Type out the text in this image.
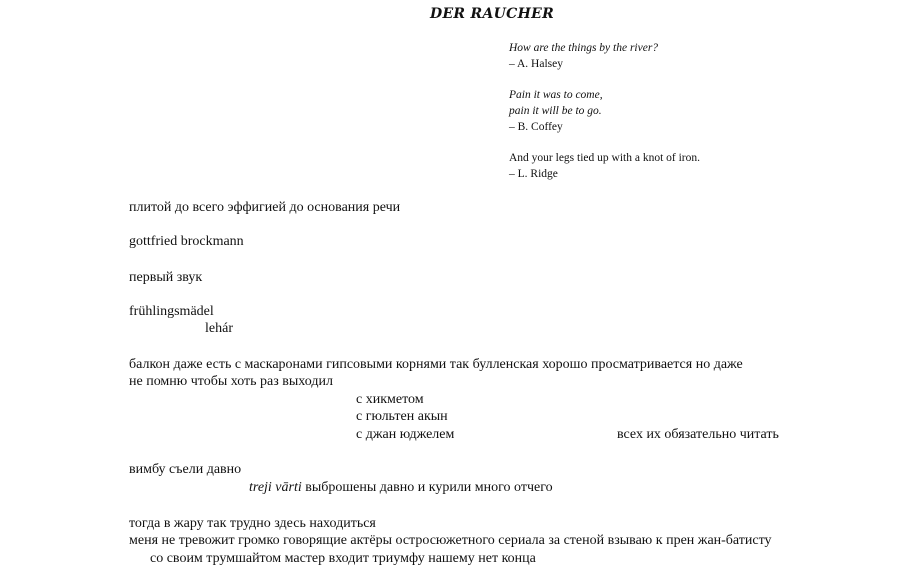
DER RAUCHER
How are the things by the river?
– A. Halsey
Pain it was to come,
pain it will be to go.
– B. Coffey
And your legs tied up with a knot of iron.
– L. Ridge
плитой до всего эффигией до основания речи
gottfried brockmann
первый звук
frühlingsmädel
lehár
балкон даже есть с маскаронами гипсовыми корнями так булленская хорошо просматривается но даже
не помню чтобы хоть раз выходил
с хикметом
с гюльтен акын
с джан юджелем	всех их обязательно читать
вимбу съели давно
treji vārti выброшены давно и курили много отчего
тогда в жару так трудно здесь находиться
меня не тревожит громко говорящие актёры остросюжетного сериала за стеной взываю к прен жан-батисту
со своим трумшайтом мастер входит триумфу нашему нет конца
